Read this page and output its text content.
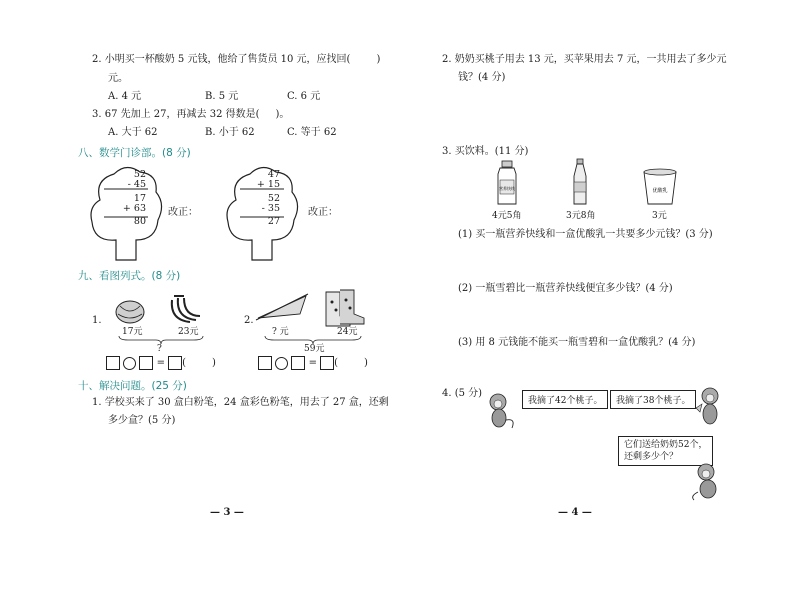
2. 小明买一杯酸奶 5 元钱，他给了售货员 10 元，应找回(	)
元。
A. 4 元	B. 5 元	C. 6 元
3. 67 先加上 27，再减去 32 得数是( )。
A. 大于 62	B. 小于 62	C. 等于 62
八、数学门诊部。(8 分)
52
- 45
17
+ 63
80
改正：
47
+ 15
52
- 35
27
改正：
九、看图列式。(8 分)
1.
17元	23元
?
2.
? 元	24元
59元
= (	)	= (	)
十、解决问题。(25 分)
1. 学校买来了 30 盒白粉笔，24 盒彩色粉笔，用去了 27 盒，还剩
多少盒？(5 分)
— 3 —
2. 奶奶买桃子用去 13 元，买苹果用去 7 元，一共用去了多少元
钱？(4 分)
3. 买饮料。(11 分)
营养快线	优酸乳
4元5角	3元8角	3元
(1) 买一瓶营养快线和一盒优酸乳一共要多少元钱？(3 分)
(2) 一瓶雪碧比一瓶营养快线便宜多少钱？(4 分)
(3) 用 8 元钱能不能买一瓶雪碧和一盒优酸乳？(4 分)
4. (5 分)
我摘了42个桃子。	我摘了38个桃子。
它们送给奶奶52个，
还剩多少个？
— 4 —
